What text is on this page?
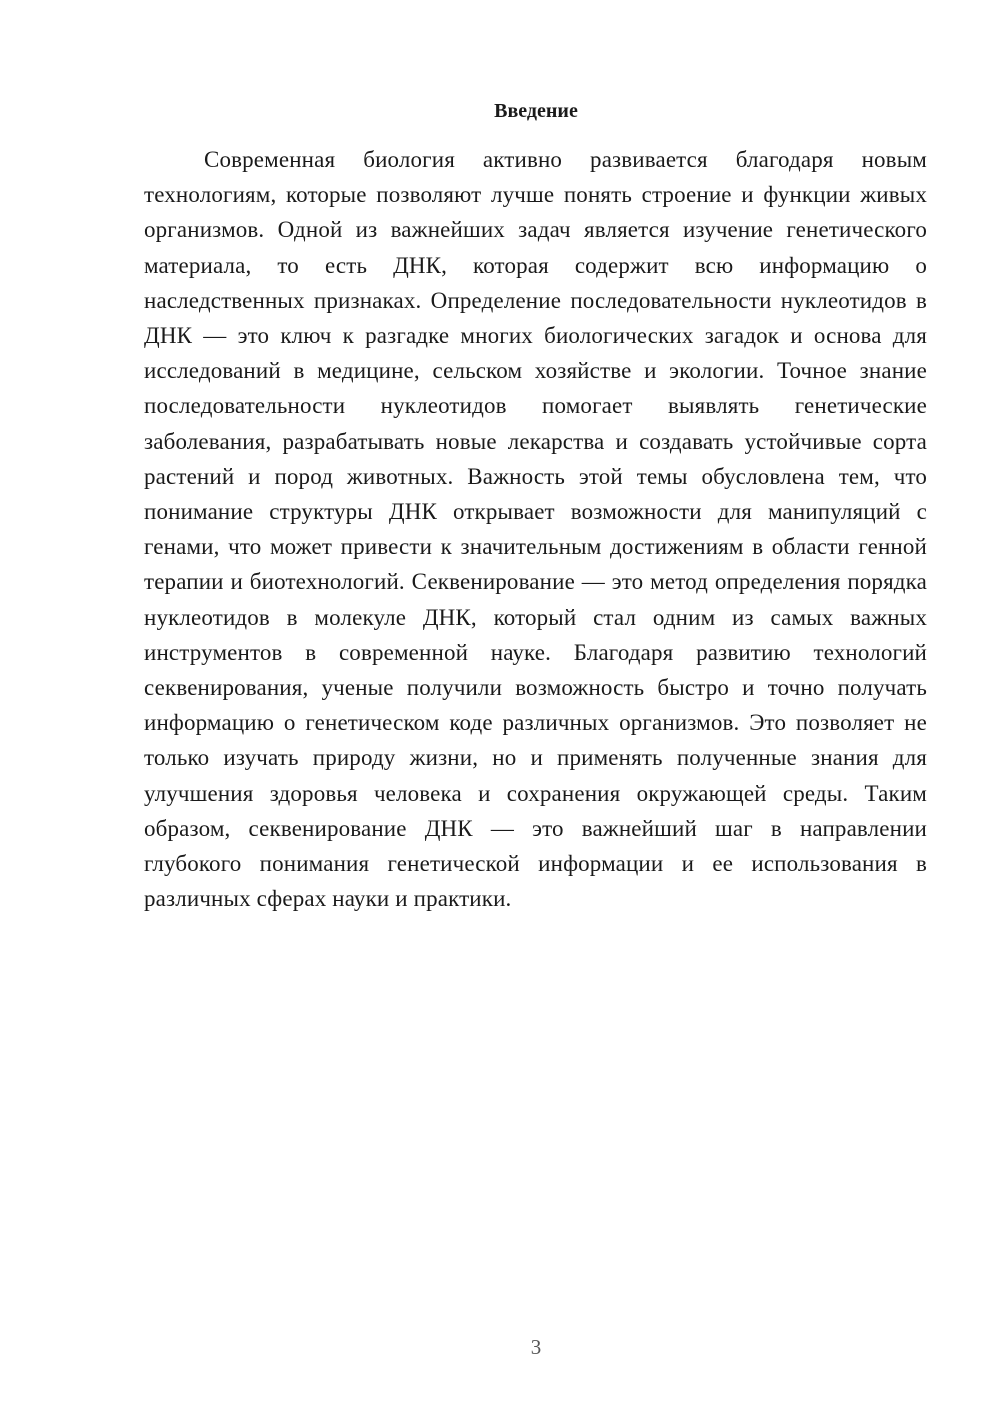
Введение

Современная биология активно развивается благодаря новым технологиям, которые позволяют лучше понять строение и функции живых организмов. Одной из важнейших задач является изучение генетического материала, то есть ДНК, которая содержит всю информацию о наследственных признаках. Определение последовательности нуклеотидов в ДНК — это ключ к разгадке многих биологических загадок и основа для исследований в медицине, сельском хозяйстве и экологии. Точное знание последовательности нуклеотидов помогает выявлять генетические заболевания, разрабатывать новые лекарства и создавать устойчивые сорта растений и пород животных. Важность этой темы обусловлена тем, что понимание структуры ДНК открывает возможности для манипуляций с генами, что может привести к значительным достижениям в области генной терапии и биотехнологий. Секвенирование — это метод определения порядка нуклеотидов в молекуле ДНК, который стал одним из самых важных инструментов в современной науке. Благодаря развитию технологий секвенирования, ученые получили возможность быстро и точно получать информацию о генетическом коде различных организмов. Это позволяет не только изучать природу жизни, но и применять полученные знания для улучшения здоровья человека и сохранения окружающей среды. Таким образом, секвенирование ДНК — это важнейший шаг в направлении глубокого понимания генетической информации и ее использования в различных сферах науки и практики.

3
